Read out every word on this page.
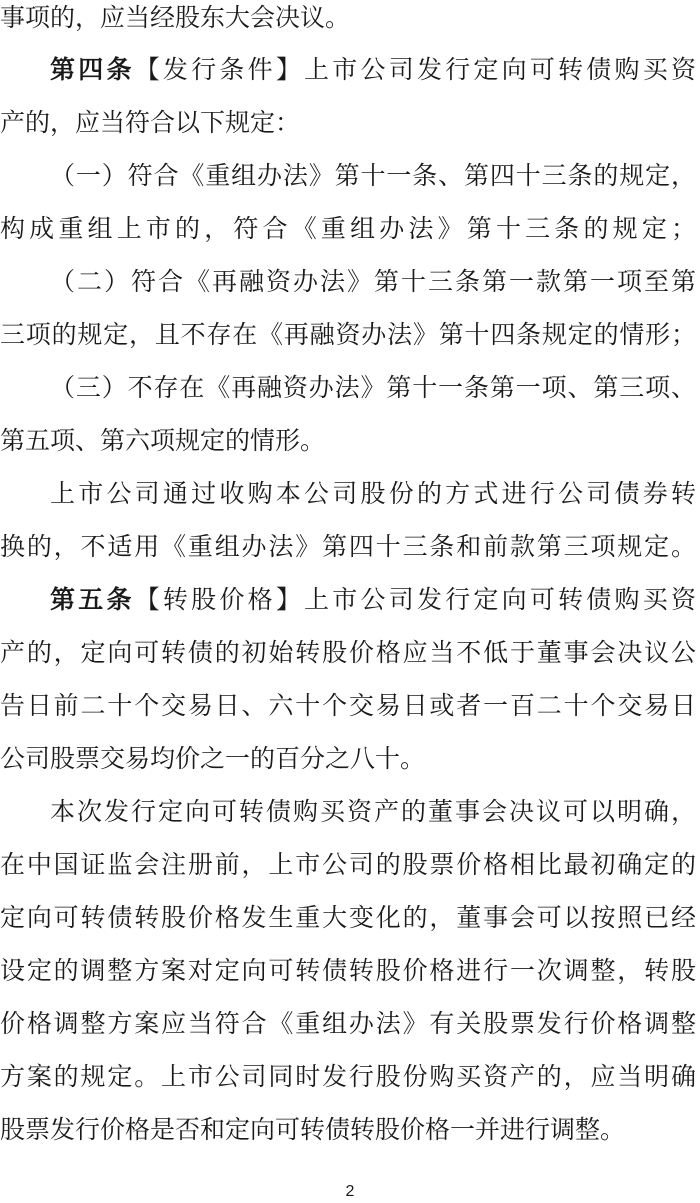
事项的，应当经股东大会决议。
第四条【发行条件】上市公司发行定向可转债购买资
产的，应当符合以下规定：
（一）符合《重组办法》第十一条、第四十三条的规定，
构成重组上市的，符合《重组办法》第十三条的规定；
（二）符合《再融资办法》第十三条第一款第一项至第
三项的规定，且不存在《再融资办法》第十四条规定的情形；
（三）不存在《再融资办法》第十一条第一项、第三项、
第五项、第六项规定的情形。
上市公司通过收购本公司股份的方式进行公司债券转
换的，不适用《重组办法》第四十三条和前款第三项规定。
第五条【转股价格】上市公司发行定向可转债购买资
产的，定向可转债的初始转股价格应当不低于董事会决议公
告日前二十个交易日、六十个交易日或者一百二十个交易日
公司股票交易均价之一的百分之八十。
本次发行定向可转债购买资产的董事会决议可以明确，
在中国证监会注册前，上市公司的股票价格相比最初确定的
定向可转债转股价格发生重大变化的，董事会可以按照已经
设定的调整方案对定向可转债转股价格进行一次调整，转股
价格调整方案应当符合《重组办法》有关股票发行价格调整
方案的规定。上市公司同时发行股份购买资产的，应当明确
股票发行价格是否和定向可转债转股价格一并进行调整。
2
